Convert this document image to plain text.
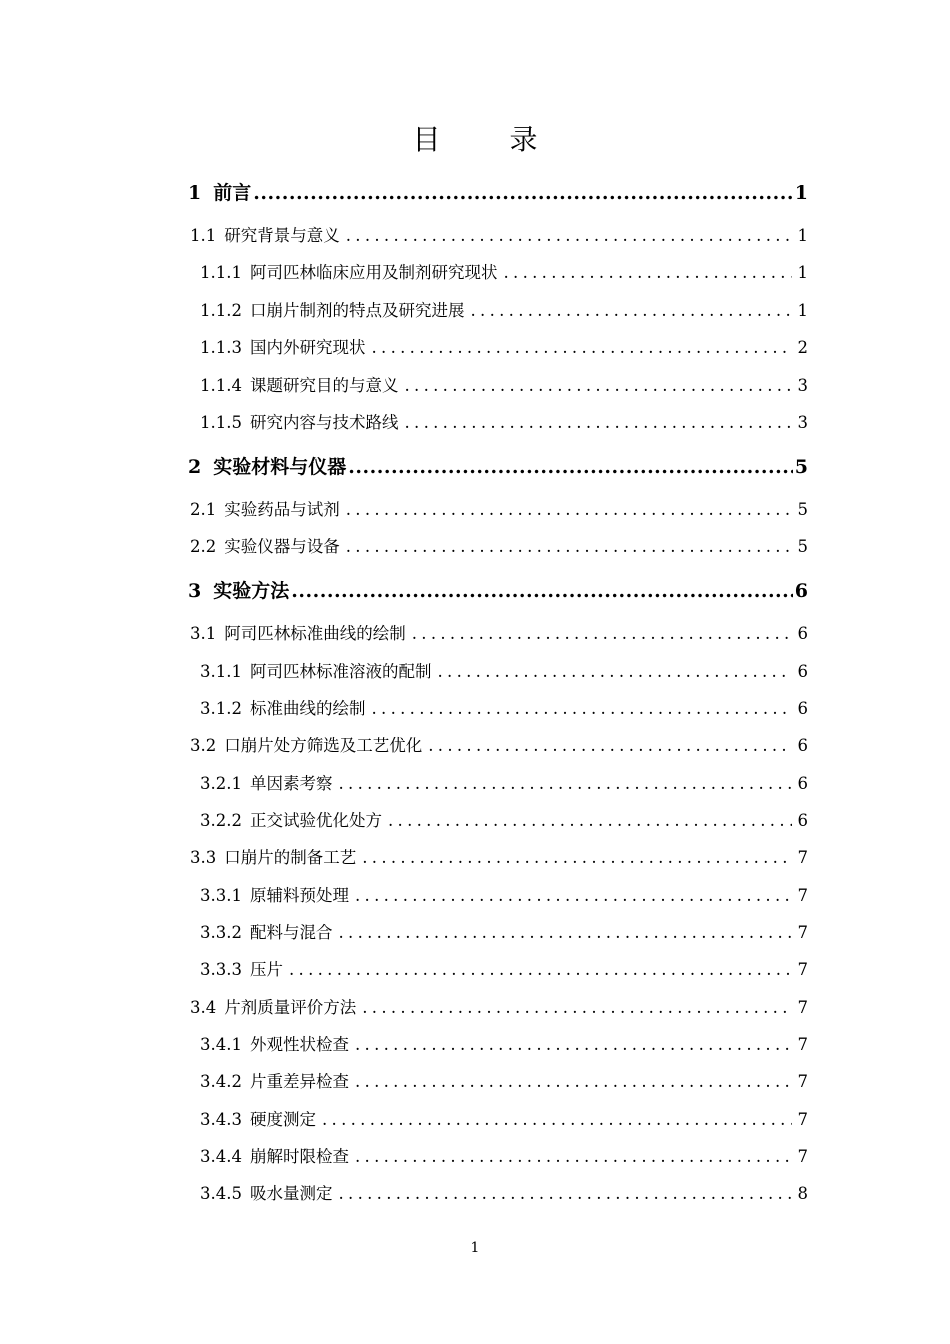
目 录
1 前言 .....	1
1.1 研究背景与意义 .....	1
1.1.1 阿司匹林临床应用及制剂研究现状 .....	1
1.1.2 口崩片制剂的特点及研究进展 .....	1
1.1.3 国内外研究现状 .....	2
1.1.4 课题研究目的与意义 .....	3
1.1.5 研究内容与技术路线 .....	3
2 实验材料与仪器 .....	5
2.1 实验药品与试剂 .....	5
2.2 实验仪器与设备 .....	5
3 实验方法 .....	6
3.1 阿司匹林标准曲线的绘制 .....	6
3.1.1 阿司匹林标准溶液的配制 .....	6
3.1.2 标准曲线的绘制 .....	6
3.2 口崩片处方筛选及工艺优化 .....	6
3.2.1 单因素考察 .....	6
3.2.2 正交试验优化处方 .....	6
3.3 口崩片的制备工艺 .....	7
3.3.1 原辅料预处理 .....	7
3.3.2 配料与混合 .....	7
3.3.3 压片 .....	7
3.4 片剂质量评价方法 .....	7
3.4.1 外观性状检查 .....	7
3.4.2 片重差异检查 .....	7
3.4.3 硬度测定 .....	7
3.4.4 崩解时限检查 .....	7
3.4.5 吸水量测定 .....	8
1
